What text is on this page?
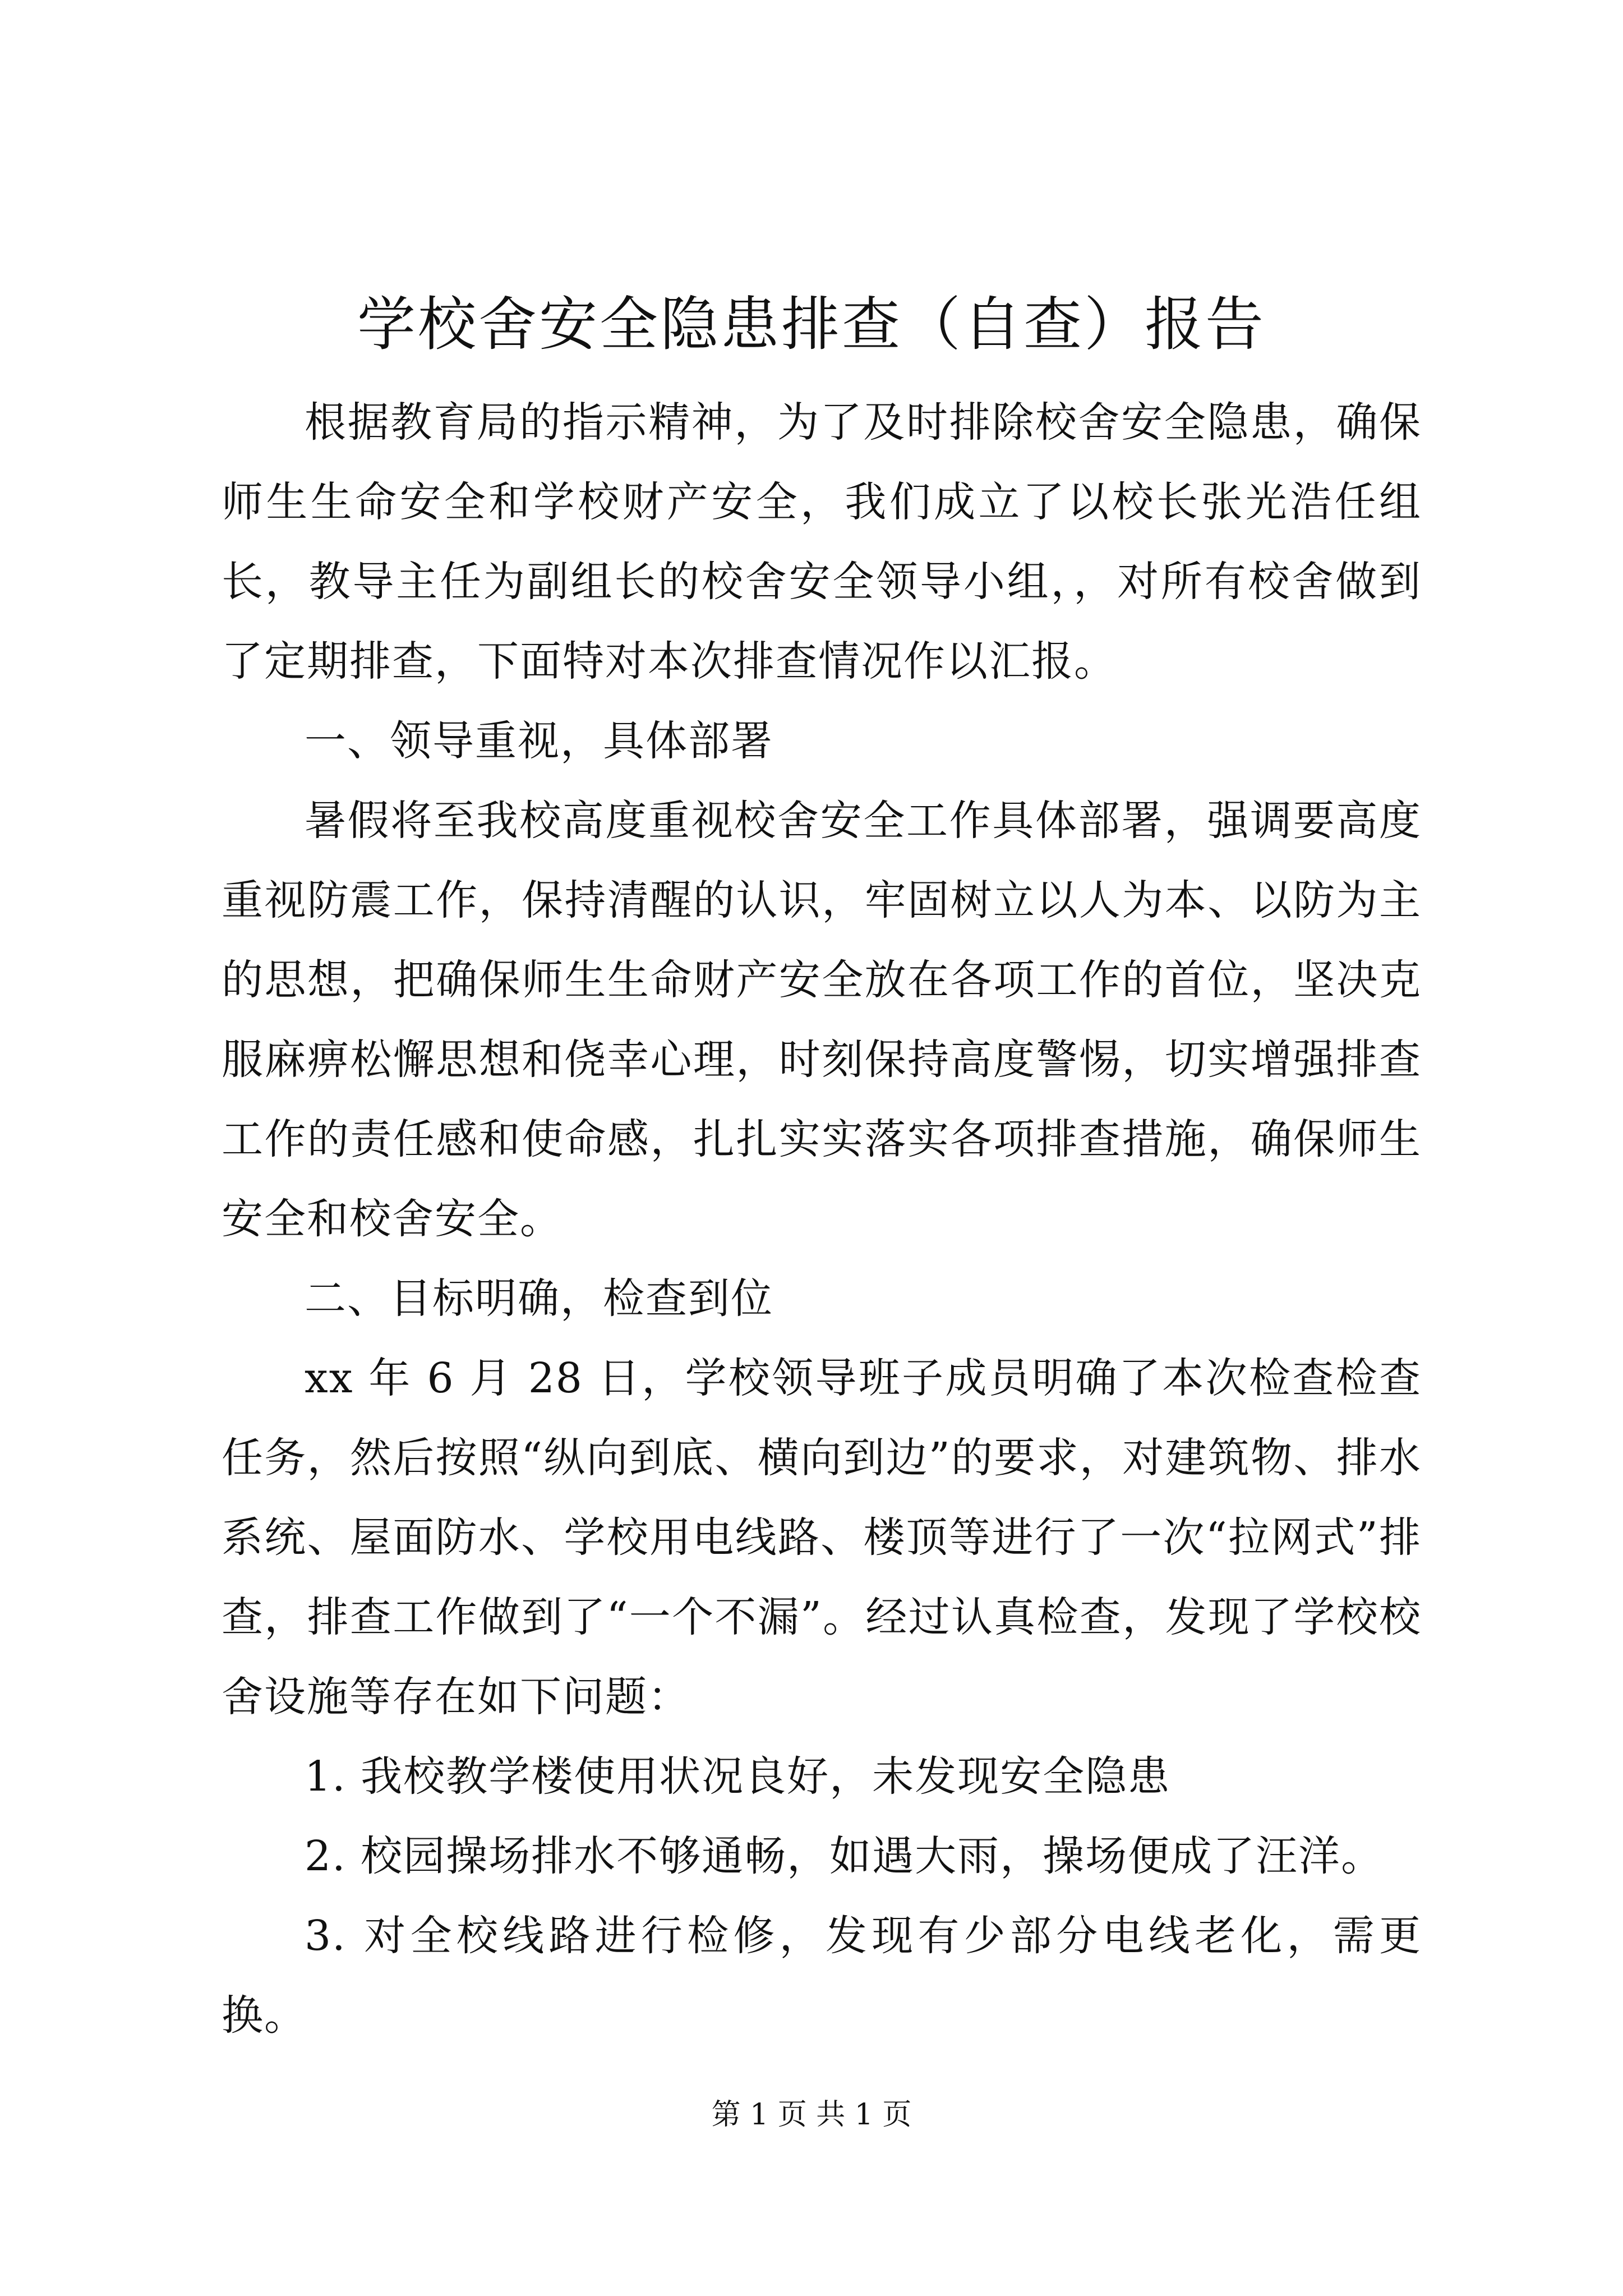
学校舍安全隐患排查（自查）报告

根据教育局的指示精神，为了及时排除校舍安全隐患，确保师生生命安全和学校财产安全，我们成立了以校长张光浩任组长，教导主任为副组长的校舍安全领导小组，，对所有校舍做到了定期排查，下面特对本次排查情况作以汇报。

一、领导重视，具体部署

暑假将至我校高度重视校舍安全工作具体部署，强调要高度重视防震工作，保持清醒的认识，牢固树立以人为本、以防为主的思想，把确保师生生命财产安全放在各项工作的首位，坚决克服麻痹松懈思想和侥幸心理，时刻保持高度警惕，切实增强排查工作的责任感和使命感，扎扎实实落实各项排查措施，确保师生安全和校舍安全。

二、目标明确，检查到位

xx 年 6 月 28 日，学校领导班子成员明确了本次检查检查任务，然后按照“纵向到底、横向到边”的要求，对建筑物、排水系统、屋面防水、学校用电线路、楼顶等进行了一次“拉网式”排查，排查工作做到了“一个不漏”。经过认真检查，发现了学校校舍设施等存在如下问题：

1. 我校教学楼使用状况良好，未发现安全隐患

2. 校园操场排水不够通畅，如遇大雨，操场便成了汪洋。

3. 对全校线路进行检修，发现有少部分电线老化，需更换。

第 1 页 共 1 页
